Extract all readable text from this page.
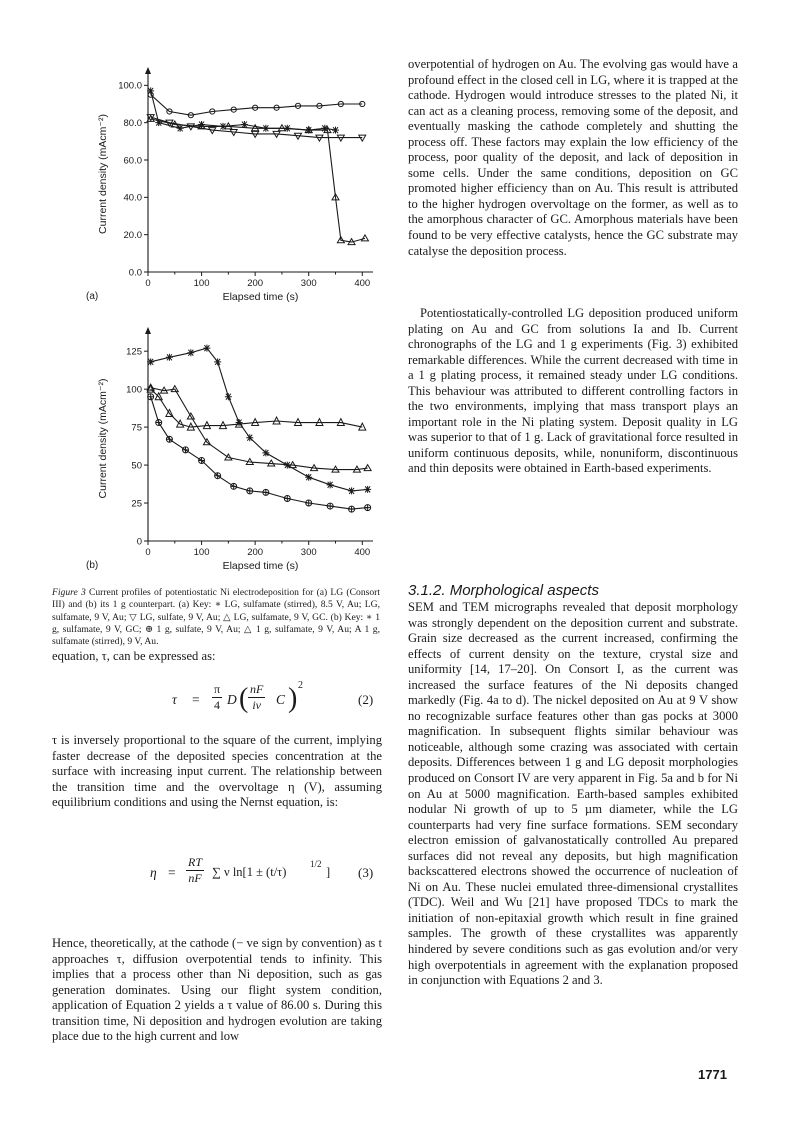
0	100	200	300	400
0.0
20.0
40.0
60.0
80.0
100.0
Elapsed time (s)
Current density (mAcm⁻²)
(a)
0	100	200	300	400
0
25
50
75
100
125
Elapsed time (s)
Current density (mAcm⁻²)
(b)
Figure 3 Current profiles of potentiostatic Ni electrodeposition for (a) LG (Consort III) and (b) its 1 g counterpart. (a) Key: ∗ LG, sulfamate (stirred), 8.5 V, Au; LG, sulfamate, 9 V, Au; ▽ LG, sulfate, 9 V, Au; △ LG, sulfamate, 9 V, GC. (b) Key: ∗ 1 g, sulfamate, 9 V, GC; ⊕ 1 g, sulfate, 9 V, Au; △ 1 g, sulfamate, 9 V, Au; A 1 g, sulfamate (stirred), 9 V, Au.

equation, τ, can be expressed as:

$\tau = \frac{\pi}{4}$ D ( $\frac{nF}{iv}$ C ) 2
(2)

τ is inversely proportional to the square of the current, implying faster decrease of the deposited species concentration at the surface with increasing input current. The relationship between the transition time and the overvoltage η (V), assuming equilibrium conditions and using the Nernst equation, is:

$\eta = \frac{RT}{nF}$ ∑ ν ln[1 ± (t/τ)
1/2
] (3)

Hence, theoretically, at the cathode (− ve sign by convention) as t approaches τ, diffusion overpotential tends to infinity. This implies that a process other than Ni deposition, such as gas generation dominates. Using our flight system condition, application of Equation 2 yields a τ value of 86.00 s. During this transition time, Ni deposition and hydrogen evolution are taking place due to the high current and low

overpotential of hydrogen on Au. The evolving gas would have a profound effect in the closed cell in LG, where it is trapped at the cathode. Hydrogen would introduce stresses to the plated Ni, it can act as a cleaning process, removing some of the deposit, and eventually masking the cathode completely and shutting the process off. These factors may explain the low efficiency of the process, poor quality of the deposit, and lack of deposition in some cells. Under the same conditions, deposition on GC promoted higher efficiency than on Au. This result is attributed to the higher hydrogen overvoltage on the former, as well as to the amorphous character of GC. Amorphous materials have been found to be very effective catalysts, hence the GC substrate may catalyse the deposition process.

Potentiostatically-controlled LG deposition produced uniform plating on Au and GC from solutions Ia and Ib. Current chronographs of the LG and 1 g experiments (Fig. 3) exhibited remarkable differences. While the current decreased with time in a 1 g plating process, it remained steady under LG conditions. This behaviour was attributed to different controlling factors in the two environments, implying that mass transport plays an important role in the Ni plating system. Deposit quality in LG was superior to that of 1 g. Lack of gravitational force resulted in uniform continuous deposits, while, nonuniform, discontinuous and thin deposits were obtained in Earth-based experiments.

3.1.2. Morphological aspects

SEM and TEM micrographs revealed that deposit morphology was strongly dependent on the deposition current and substrate. Grain size decreased as the current increased, confirming the effects of current density on the texture, crystal size and uniformity [14, 17–20]. On Consort I, as the current was increased the surface features of the Ni deposits changed markedly (Fig. 4a to d). The nickel deposited on Au at 9 V show no recognizable surface features other than gas pocks at 3000 magnification. In subsequent flights similar behaviour was noticeable, although some crazing was associated with certain deposits. Differences between 1 g and LG deposit morphologies produced on Consort IV are very apparent in Fig. 5a and b for Ni on Au at 5000 magnification. Earth-based samples exhibited nodular Ni growth of up to 5 µm diameter, while the LG counterparts had very fine surface formations. SEM secondary electron emission of galvanostatically controlled Au prepared surfaces did not reveal any deposits, but high magnification backscattered electrons showed the occurrence of nucleation of Ni on Au. These nuclei emulated three-dimensional crystallites (TDC). Weil and Wu [21] have proposed TDCs to mark the initiation of non-epitaxial growth which result in fine grained samples. The growth of these crystallites was apparently hindered by severe conditions such as gas evolution and/or very high overpotentials in agreement with the explanation proposed in conjunction with Equations 2 and 3.

1771
